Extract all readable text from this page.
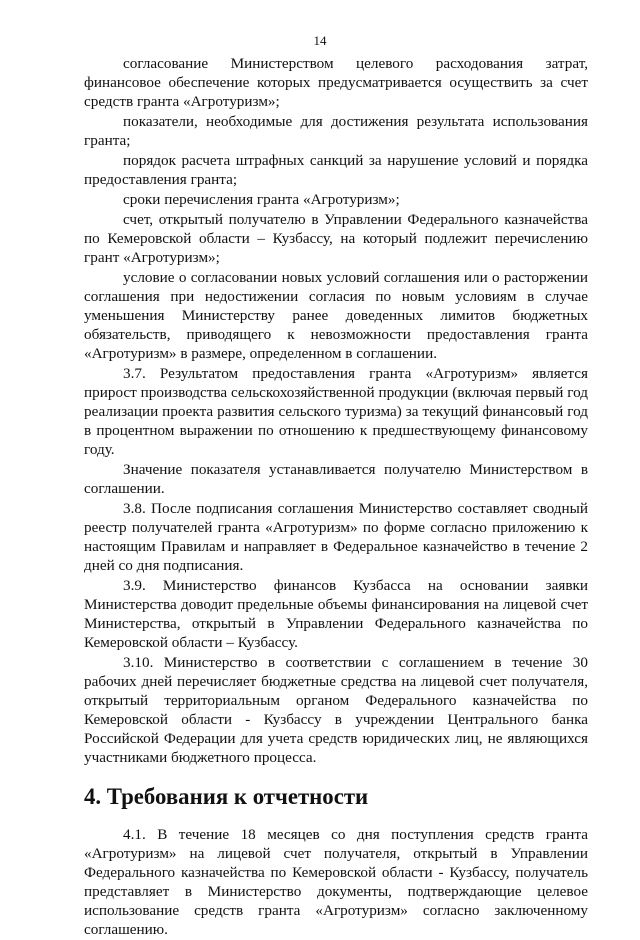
14

согласование Министерством целевого расходования затрат, финансовое обеспечение которых предусматривается осуществить за счет средств гранта «Агротуризм»;

показатели, необходимые для достижения результата использования гранта;

порядок расчета штрафных санкций за нарушение условий и порядка предоставления гранта;

сроки перечисления гранта «Агротуризм»;

счет, открытый получателю в Управлении Федерального казначейства по Кемеровской области – Кузбассу, на который подлежит перечислению грант «Агротуризм»;

условие о согласовании новых условий соглашения или о расторжении соглашения при недостижении согласия по новым условиям в случае уменьшения Министерству ранее доведенных лимитов бюджетных обязательств, приводящего к невозможности предоставления гранта «Агротуризм» в размере, определенном в соглашении.

3.7. Результатом предоставления гранта «Агротуризм» является прирост производства сельскохозяйственной продукции (включая первый год реализации проекта развития сельского туризма) за текущий финансовый год в процентном выражении по отношению к предшествующему финансовому году.

Значение показателя устанавливается получателю Министерством в соглашении.

3.8. После подписания соглашения Министерство составляет сводный реестр получателей гранта «Агротуризм» по форме согласно приложению к настоящим Правилам и направляет в Федеральное казначейство в течение 2 дней со дня подписания.

3.9. Министерство финансов Кузбасса на основании заявки Министерства доводит предельные объемы финансирования на лицевой счет Министерства, открытый в Управлении Федерального казначейства по Кемеровской области – Кузбассу.

3.10. Министерство в соответствии с соглашением в течение 30 рабочих дней перечисляет бюджетные средства на лицевой счет получателя, открытый территориальным органом Федерального казначейства по Кемеровской области - Кузбассу в учреждении Центрального банка Российской Федерации для учета средств юридических лиц, не являющихся участниками бюджетного процесса.

4. Требования к отчетности

4.1. В течение 18 месяцев со дня поступления средств гранта «Агротуризм» на лицевой счет получателя, открытый в Управлении Федерального казначейства по Кемеровской области - Кузбассу, получатель представляет в Министерство документы, подтверждающие целевое использование средств гранта «Агротуризм» согласно заключенному соглашению.
